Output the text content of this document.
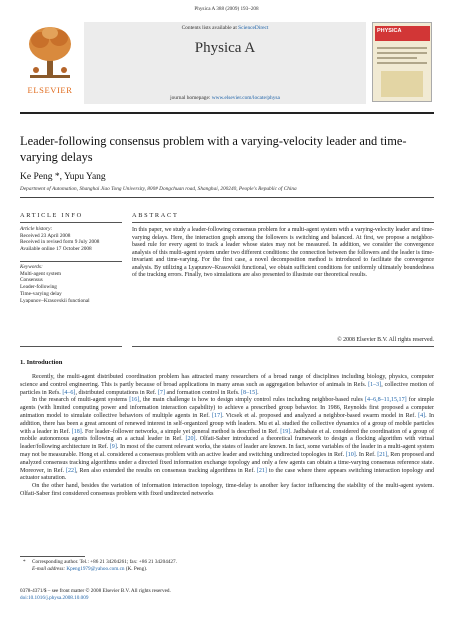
Physica A 388 (2009) 193–208
ELSEVIER
Contents lists available at ScienceDirect
Physica A
journal homepage: www.elsevier.com/locate/physa
PHYSICA
Leader-following consensus problem with a varying-velocity leader and time-varying delays
Ke Peng *, Yupu Yang
Department of Automation, Shanghai Jiao Tong University, 800# Dongchuan road, Shanghai, 200240, People's Republic of China
ARTICLE INFO	ABSTRACT
Article history:
Received 23 April 2008
Received in revised form 9 July 2008
Available online 17 October 2008
Keywords:
Multi-agent system
Consensus
Leader-following
Time-varying delay
Lyapunov–Krasovskii functional
In this paper, we study a leader-following consensus problem for a multi-agent system with a varying-velocity leader and time-varying delays. Here, the interaction graph among the followers is switching and balanced. At first, we propose a neighbor-based rule for every agent to track a leader whose states may not be measured. In addition, we consider the convergence analysis of this multi-agent system under two different conditions: the connection between the followers and the leader is time-invariant and time-varying. For the first case, a novel decomposition method is introduced to facilitate the convergence analysis. By utilizing a Lyapunov–Krasovskii functional, we obtain sufficient conditions for uniformly ultimately boundedness of the tracking errors. Finally, two simulations are also presented to illustrate our theoretical results.
© 2008 Elsevier B.V. All rights reserved.
1. Introduction

Recently, the multi-agent distributed coordination problem has attracted many researchers of a broad range of disciplines including biology, physics, computer science and control engineering. This is partly because of broad applications in many areas such as aggregation behavior of animals in Refs. [1–3], collective motion of particles in Refs. [4–6], distributed computations in Ref. [7] and formation control in Refs. [8–15].

In the research of multi-agent systems [16], the main challenge is how to design simply control rules including neighbor-based rules [4–6,8–11,15,17] for simple agents (with limited computing power and information interaction capability) to achieve a prescribed group behavior. In 1986, Reynolds first proposed a computer animation model to simulate collective behaviors of multiple agents in Ref. [17]. Vicsek et al. proposed and analyzed a neighbor-based swarm model in Ref. [4]. In addition, there has been a great amount of renewed interest in self-organized group with leaders. Mu et al. studied the collective dynamics of a group of mobile particles with a leader in Ref. [18]. For leader–follower networks, a simple yet general method is described in Ref. [19]. Jadbabaie et al. considered the coordination of a group of mobile autonomous agents following an a actual leader in Ref. [20]. Olfati-Saber introduced a theoretical framework to design a flocking algorithm with virtual leader/following architecture in Ref. [9]. In most of the current relevant works, the states of leader are known. In fact, some variables of the leader in a multi-agent system may not be measurable. Hong et al. considered a consensus problem with an active leader and switching undirected topologies in Ref. [10]. In Ref. [21], Ren proposed and analyzed consensus tracking algorithms under a directed fixed information exchange topology and only a few agents can obtain a time-varying consensus reference state. Moreover, in Ref. [22], Ren also extended the results on consensus tracking algorithms in Ref. [21] to the case where there appears switching interaction topology and actuator saturation.

On the other hand, besides the variation of information interaction topology, time-delay is another key factor influencing the stability of the multi-agent system. Olfati-Saber first considered consensus problem with fixed undirected networks

*	Corresponding author. Tel.: +86 21 34204261; fax: +86 21 34204427.
E-mail address: Kpeng1979@yahoo.com.cn (K. Peng).
0378-4371/$ – see front matter © 2008 Elsevier B.V. All rights reserved.
doi:10.1016/j.physa.2008.10.009
